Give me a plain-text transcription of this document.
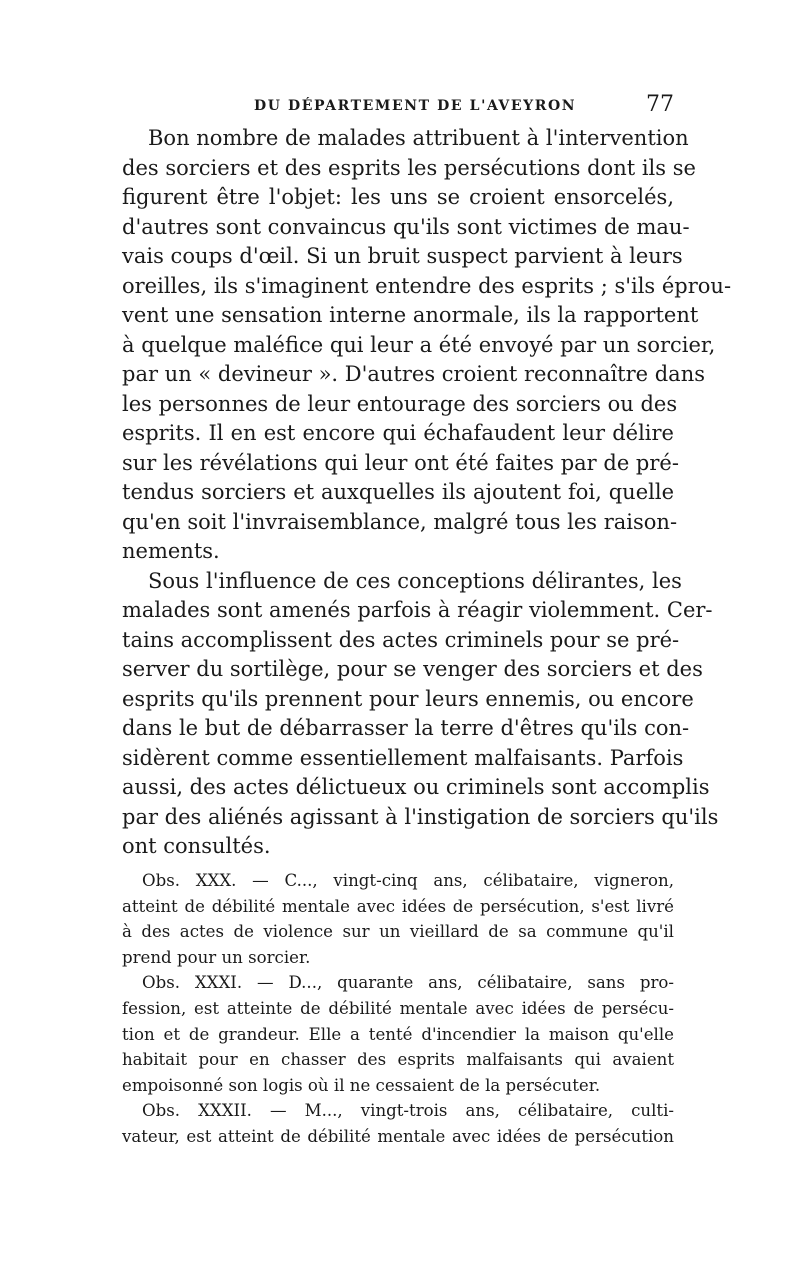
DU DÉPARTEMENT DE L'AVEYRON	77
Bon nombre de malades attribuent à l'intervention
des sorciers et des esprits les persécutions dont ils se
figurent être l'objet: les uns se croient ensorcelés,
d'autres sont convaincus qu'ils sont victimes de mau-
vais coups d'œil. Si un bruit suspect parvient à leurs
oreilles, ils s'imaginent entendre des esprits ; s'ils éprou-
vent une sensation interne anormale, ils la rapportent
à quelque maléfice qui leur a été envoyé par un sorcier,
par un « devineur ». D'autres croient reconnaître dans
les personnes de leur entourage des sorciers ou des
esprits. Il en est encore qui échafaudent leur délire
sur les révélations qui leur ont été faites par de pré-
tendus sorciers et auxquelles ils ajoutent foi, quelle
qu'en soit l'invraisemblance, malgré tous les raison-
nements.
Sous l'influence de ces conceptions délirantes, les
malades sont amenés parfois à réagir violemment. Cer-
tains accomplissent des actes criminels pour se pré-
server du sortilège, pour se venger des sorciers et des
esprits qu'ils prennent pour leurs ennemis, ou encore
dans le but de débarrasser la terre d'êtres qu'ils con-
sidèrent comme essentiellement malfaisants. Parfois
aussi, des actes délictueux ou criminels sont accomplis
par des aliénés agissant à l'instigation de sorciers qu'ils
ont consultés.
Obs. XXX. — C..., vingt-cinq ans, célibataire, vigneron,
atteint de débilité mentale avec idées de persécution, s'est livré
à des actes de violence sur un vieillard de sa commune qu'il
prend pour un sorcier.
Obs. XXXI. — D..., quarante ans, célibataire, sans pro-
fession, est atteinte de débilité mentale avec idées de persécu-
tion et de grandeur. Elle a tenté d'incendier la maison qu'elle
habitait pour en chasser des esprits malfaisants qui avaient
empoisonné son logis où il ne cessaient de la persécuter.
Obs. XXXII. — M..., vingt-trois ans, célibataire, culti-
vateur, est atteint de débilité mentale avec idées de persécution
